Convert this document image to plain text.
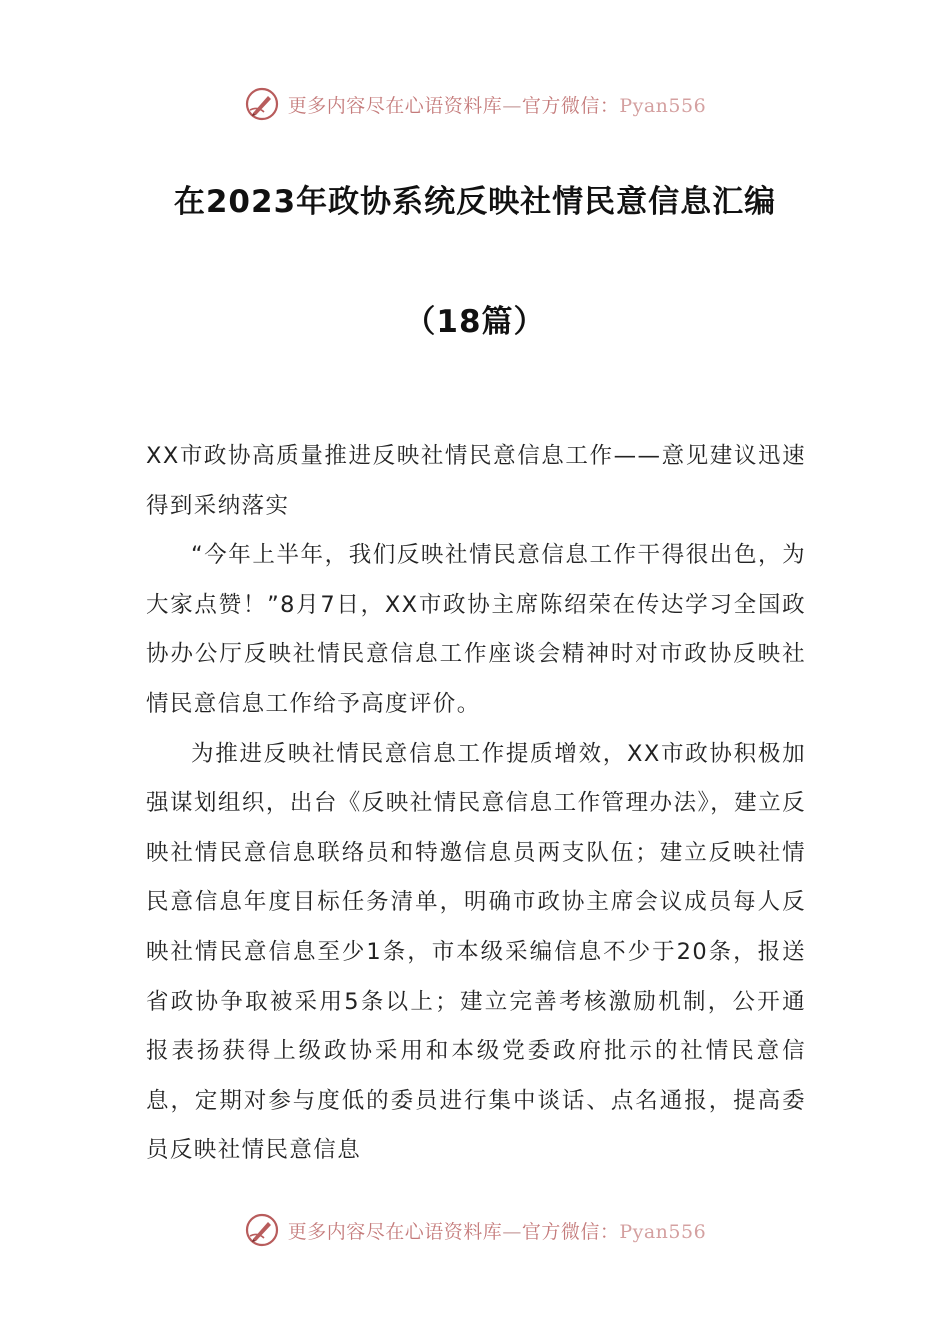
更多内容尽在心语资料库—官方微信：Pyan556
在2023年政协系统反映社情民意信息汇编
（18篇）

XX市政协高质量推进反映社情民意信息工作——意见建议迅速得到采纳落实

“今年上半年，我们反映社情民意信息工作干得很出色，为大家点赞！”8月7日，XX市政协主席陈绍荣在传达学习全国政协办公厅反映社情民意信息工作座谈会精神时对市政协反映社情民意信息工作给予高度评价。

为推进反映社情民意信息工作提质增效，XX市政协积极加强谋划组织，出台《反映社情民意信息工作管理办法》，建立反映社情民意信息联络员和特邀信息员两支队伍；建立反映社情民意信息年度目标任务清单，明确市政协主席会议成员每人反映社情民意信息至少1条，市本级采编信息不少于20条，报送省政协争取被采用5条以上；建立完善考核激励机制，公开通报表扬获得上级政协采用和本级党委政府批示的社情民意信息，定期对参与度低的委员进行集中谈话、点名通报，提高委员反映社情民意信息

更多内容尽在心语资料库—官方微信：Pyan556
